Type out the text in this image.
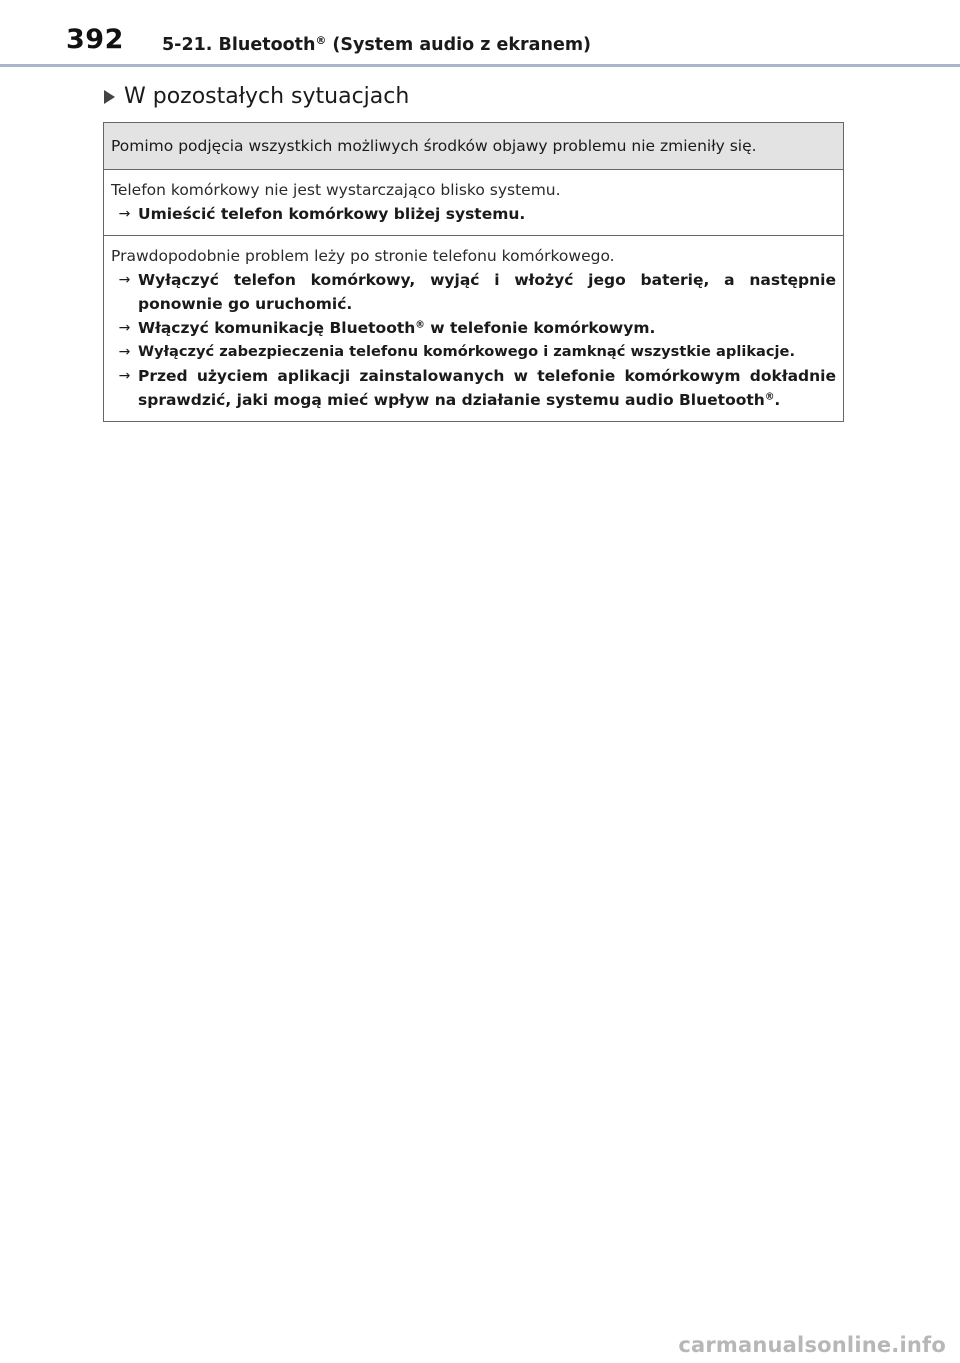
392 5-21. Bluetooth® (System audio z ekranem)
W pozostałych sytuacjach
Pomimo podjęcia wszystkich możliwych środków objawy problemu nie zmieniły się.
Telefon komórkowy nie jest wystarczająco blisko systemu.
→ Umieścić telefon komórkowy bliżej systemu.
Prawdopodobnie problem leży po stronie telefonu komórkowego.
→ Wyłączyć telefon komórkowy, wyjąć i włożyć jego baterię, a następnie ponownie go uruchomić.
→ Włączyć komunikację Bluetooth® w telefonie komórkowym.
→ Wyłączyć zabezpieczenia telefonu komórkowego i zamknąć wszystkie aplikacje.
→ Przed użyciem aplikacji zainstalowanych w telefonie komórkowym dokładnie sprawdzić, jaki mogą mieć wpływ na działanie systemu audio Bluetooth®.
carmanualsonline.info
